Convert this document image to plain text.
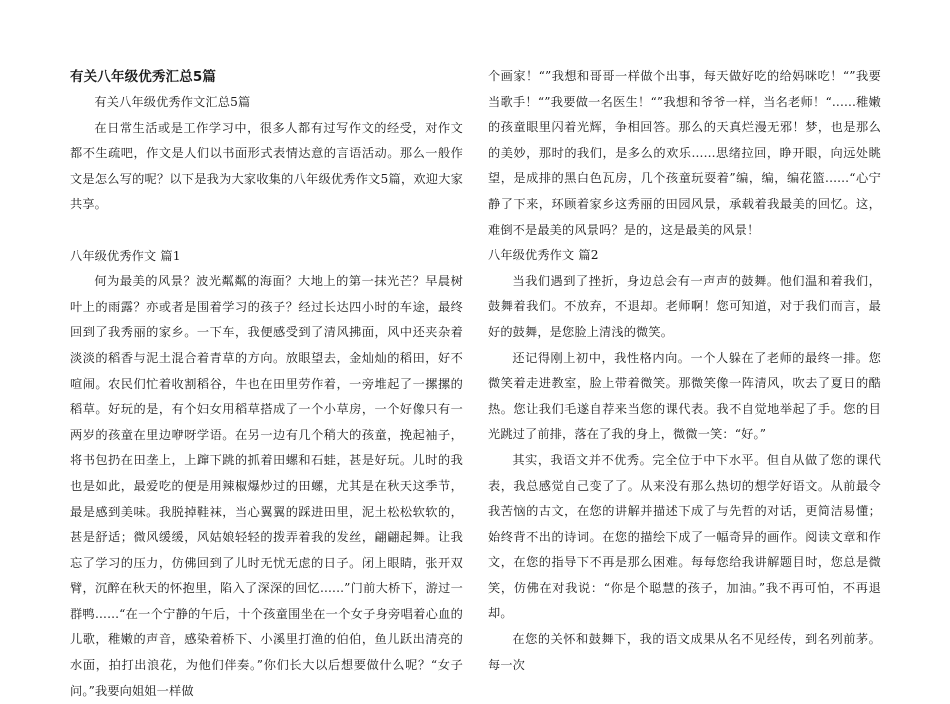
有关八年级优秀汇总5篇

有关八年级优秀作文汇总5篇

在日常生活或是工作学习中，很多人都有过写作文的经受，对作文都不生疏吧，作文是人们以书面形式表情达意的言语活动。那么一般作文是怎么写的呢？以下是我为大家收集的八年级优秀作文5篇，欢迎大家共享。

八年级优秀作文 篇1

何为最美的风景？波光粼粼的海面？大地上的第一抹光芒？早晨树叶上的雨露？亦或者是围着学习的孩子？经过长达四小时的车途，最终回到了我秀丽的家乡。一下车，我便感受到了清风拂面，风中还夹杂着淡淡的稻香与泥土混合着青草的方向。放眼望去，金灿灿的稻田，好不喧闹。农民们忙着收割稻谷，牛也在田里劳作着，一旁堆起了一摞摞的稻草。好玩的是，有个妇女用稻草搭成了一个小草房，一个好像只有一两岁的孩童在里边咿呀学语。在另一边有几个稍大的孩童，挽起袖子，将书包扔在田垄上，上蹿下跳的抓着田螺和石蛙，甚是好玩。儿时的我也是如此，最爱吃的便是用辣椒爆炒过的田螺，尤其是在秋天这季节，最是感到美味。我脱掉鞋袜，当心翼翼的踩进田里，泥土松松软软的，甚是舒适；微风缓缓，风姑娘轻轻的拨弄着我的发丝，翩翩起舞。让我忘了学习的压力，仿佛回到了儿时无忧无虑的日子。闭上眼睛，张开双臂，沉醉在秋天的怀抱里，陷入了深深的回忆......”门前大桥下，游过一群鸭......“在一个宁静的午后，十个孩童围坐在一个女子身旁唱着心血的儿歌，稚嫩的声音，感染着桥下、小溪里打渔的伯伯，鱼儿跃出清亮的水面，拍打出浪花，为他们伴奏。”你们长大以后想要做什么呢？“女子问。”我要向姐姐一样做

个画家！“”我想和哥哥一样做个出事，每天做好吃的给妈咪吃！“”我要当歌手！“”我要做一名医生！“”我想和爷爷一样，当名老师！“......稚嫩的孩童眼里闪着光辉，争相回答。那么的天真烂漫无邪！梦，也是那么的美妙，那时的我们，是多么的欢乐......思绪拉回，睁开眼，向远处眺望，是成排的黑白色瓦房，几个孩童玩耍着”编，编，编花篮......“心宁静了下来，环顾着家乡这秀丽的田园风景，承载着我最美的回忆。这，难倒不是最美的风景吗？是的，这是最美的风景！

八年级优秀作文 篇2

当我们遇到了挫折，身边总会有一声声的鼓舞。他们温和着我们，鼓舞着我们。不放弃，不退却。老师啊！您可知道，对于我们而言，最好的鼓舞，是您脸上清浅的微笑。

还记得刚上初中，我性格内向。一个人躲在了老师的最终一排。您微笑着走进教室，脸上带着微笑。那微笑像一阵清风，吹去了夏日的酷热。您让我们毛遂自荐来当您的课代表。我不自觉地举起了手。您的目光跳过了前排，落在了我的身上，微微一笑：“好。”

其实，我语文并不优秀。完全位于中下水平。但自从做了您的课代表，我总感觉自己变了了。从来没有那么热切的想学好语文。从前最令我苦恼的古文，在您的讲解并描述下成了与先哲的对话，更简洁易懂；始终背不出的诗词。在您的描绘下成了一幅奇异的画作。阅读文章和作文，在您的指导下不再是那么困难。每每您给我讲解题目时，您总是微笑，仿佛在对我说：“你是个聪慧的孩子，加油。”我不再可怕，不再退却。

在您的关怀和鼓舞下，我的语文成果从名不见经传，到名列前茅。每一次
